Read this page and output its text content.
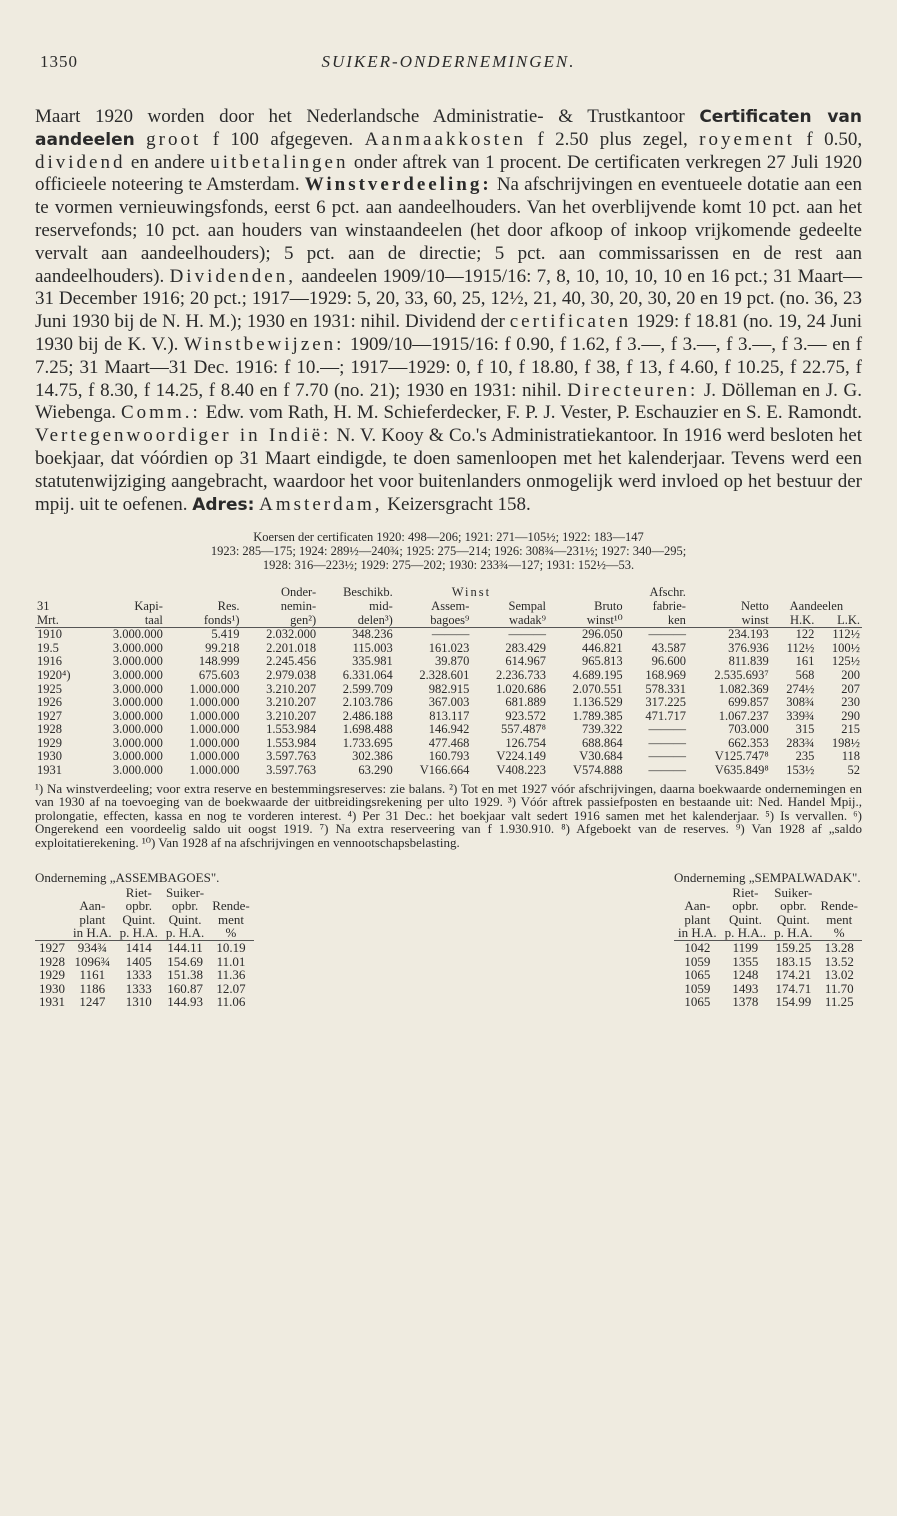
1350	SUIKER-ONDERNEMINGEN.

Maart 1920 worden door het Nederlandsche Administratie- & Trustkantoor Certificaten van aandeelen groot f 100 afgegeven. Aanmaakkosten f 2.50 plus zegel, royement f 0.50, dividend en andere uitbetalingen onder aftrek van 1 procent. De certificaten verkregen 27 Juli 1920 officieele noteering te Amsterdam. Winstverdeeling: Na afschrijvingen en eventueele dotatie aan een te vormen vernieuwingsfonds, eerst 6 pct. aan aandeelhouders. Van het overblijvende komt 10 pct. aan het reservefonds; 10 pct. aan houders van winstaandeelen (het door afkoop of inkoop vrijkomende gedeelte vervalt aan aandeelhouders); 5 pct. aan de directie; 5 pct. aan commissarissen en de rest aan aandeelhouders). Dividenden, aandeelen 1909/10—1915/16: 7, 8, 10, 10, 10, 10 en 16 pct.; 31 Maart—31 December 1916; 20 pct.; 1917—1929: 5, 20, 33, 60, 25, 12½, 21, 40, 30, 20, 30, 20 en 19 pct. (no. 36, 23 Juni 1930 bij de N. H. M.); 1930 en 1931: nihil. Dividend der certificaten 1929: f 18.81 (no. 19, 24 Juni 1930 bij de K. V.). Winstbewijzen: 1909/10—1915/16: f 0.90, f 1.62, f 3.—, f 3.—, f 3.—, f 3.— en f 7.25; 31 Maart—31 Dec. 1916: f 10.—; 1917—1929: 0, f 10, f 18.80, f 38, f 13, f 4.60, f 10.25, f 22.75, f 14.75, f 8.30, f 14.25, f 8.40 en f 7.70 (no. 21); 1930 en 1931: nihil. Directeuren: J. Dölleman en J. G. Wiebenga. Comm.: Edw. vom Rath, H. M. Schieferdecker, F. P. J. Vester, P. Eschauzier en S. E. Ramondt. Vertegenwoordiger in Indië: N. V. Kooy & Co.'s Administratiekantoor. In 1916 werd besloten het boekjaar, dat vóórdien op 31 Maart eindigde, te doen samenloopen met het kalenderjaar. Tevens werd een statutenwijziging aangebracht, waardoor het voor buitenlanders onmogelijk werd invloed op het bestuur der mpij. uit te oefenen. Adres: Amsterdam, Keizersgracht 158.

Koersen der certificaten 1920: 498—206; 1921: 271—105½; 1922: 183—147
1923: 285—175; 1924: 289½—240¾; 1925: 275—214; 1926: 308¾—231½; 1927: 340—295;
1928: 316—223½; 1929: 275—202; 1930: 233¾—127; 1931: 152½—53.
			Onder-	Beschikb.	Winst			Afschr.			
31	Kapi-	Res.	nemin-	mid-	Assem-	Sempal	Bruto	fabrie-	Netto	Aandeelen	
Mrt.	taal	fonds¹)	gen²)	delen³)	bagoes⁹	wadak⁹	winst¹⁰	ken	winst	H.K.	L.K.
1910	3.000.000	5.419	2.032.000	348.236	———	———	296.050	———	234.193	122	112½
19.5	3.000.000	99.218	2.201.018	115.003	161.023	283.429	446.821	43.587	376.936	112½	100½
1916	3.000.000	148.999	2.245.456	335.981	39.870	614.967	965.813	96.600	811.839	161	125½
1920⁴)	3.000.000	675.603	2.979.038	6.331.064	2.328.601	2.236.733	4.689.195	168.969	2.535.693⁷	568	200
1925	3.000.000	1.000.000	3.210.207	2.599.709	982.915	1.020.686	2.070.551	578.331	1.082.369	274½	207
1926	3.000.000	1.000.000	3.210.207	2.103.786	367.003	681.889	1.136.529	317.225	699.857	308¾	230
1927	3.000.000	1.000.000	3.210.207	2.486.188	813.117	923.572	1.789.385	471.717	1.067.237	339¾	290
1928	3.000.000	1.000.000	1.553.984	1.698.488	146.942	557.487⁸	739.322	———	703.000	315	215
1929	3.000.000	1.000.000	1.553.984	1.733.695	477.468	126.754	688.864	———	662.353	283¾	198½
1930	3.000.000	1.000.000	3.597.763	302.386	160.793	V224.149	V30.684	———	V125.747⁸	235	118
1931	3.000.000	1.000.000	3.597.763	63.290	V166.664	V408.223	V574.888	———	V635.849⁸	153½	52
¹) Na winstverdeeling; voor extra reserve en bestemmingsreserves: zie balans. ²) Tot en met 1927 vóór afschrijvingen, daarna boekwaarde ondernemingen en van 1930 af na toevoeging van de boekwaarde der uitbreidingsrekening per ulto 1929. ³) Vóór aftrek passiefposten en bestaande uit: Ned. Handel Mpij., prolongatie, effecten, kassa en nog te vorderen interest. ⁴) Per 31 Dec.: het boekjaar valt sedert 1916 samen met het kalenderjaar. ⁵) Is vervallen. ⁶) Ongerekend een voordeelig saldo uit oogst 1919. ⁷) Na extra reserveering van f 1.930.910. ⁸) Afgeboekt van de reserves. ⁹) Van 1928 af „saldo exploitatierekening. ¹⁰) Van 1928 af na afschrijvingen en vennootschapsbelasting.
Onderneming „ASSEMBAGOES".
		Riet-	Suiker-	
	Aan-	opbr.	opbr.	Rende-
	plant	Quint.	Quint.	ment
	in H.A.	p. H.A.	p. H.A.	%
1927	934¾	1414	144.11	10.19
1928	1096¾	1405	154.69	11.01
1929	1161	1333	151.38	11.36
1930	1186	1333	160.87	12.07
1931	1247	1310	144.93	11.06
Onderneming „SEMPALWADAK".
	Riet-	Suiker-	
Aan-	opbr.	opbr.	Rende-
plant	Quint.	Quint.	ment
in H.A.	p. H.A..	p. H.A.	%
1042	1199	159.25	13.28
1059	1355	183.15	13.52
1065	1248	174.21	13.02
1059	1493	174.71	11.70
1065	1378	154.99	11.25
